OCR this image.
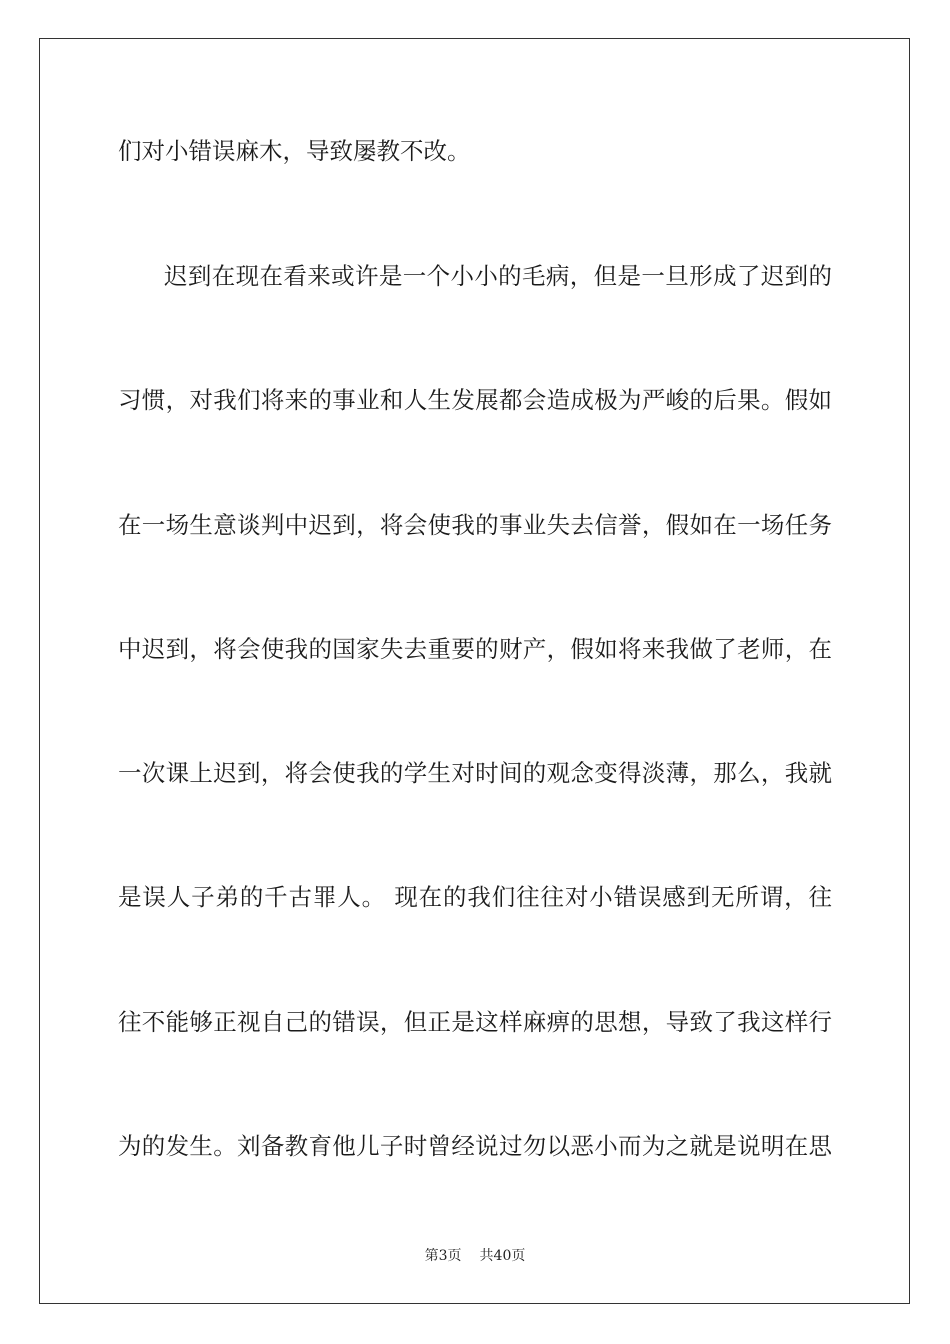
们对小错误麻木，导致屡教不改。
迟到在现在看来或许是一个小小的毛病，但是一旦形成了迟到的
习惯，对我们将来的事业和人生发展都会造成极为严峻的后果。假如
在一场生意谈判中迟到，将会使我的事业失去信誉，假如在一场任务
中迟到，将会使我的国家失去重要的财产，假如将来我做了老师，在
一次课上迟到，将会使我的学生对时间的观念变得淡薄，那么，我就
是误人子弟的千古罪人。 现在的我们往往对小错误感到无所谓，往
往不能够正视自己的错误，但正是这样麻痹的思想，导致了我这样行
为的发生。刘备教育他儿子时曾经说过勿以恶小而为之就是说明在思
第3页 共40页
